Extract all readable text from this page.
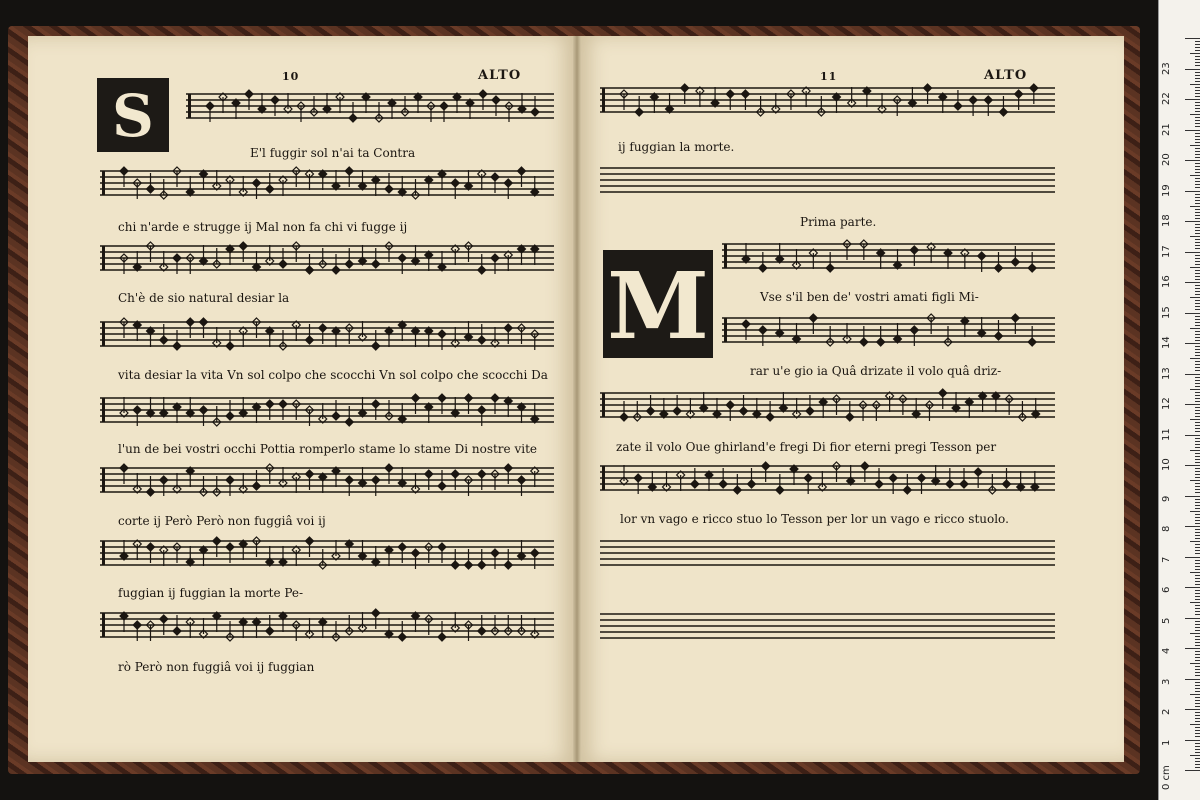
10	ALTO
S
11	ALTO
Prima parte.
M
0 cm
1
2
3
4
5
6
7
8
9
10
11
12
13
14
15
16
17
18
19
20
21
22
23
E'l fuggir sol n'ai ta Contra
chi n'arde e strugge ij Mal non fa chi vi fugge ij
Ch'è de sio natural desiar la
vita desiar la vita Vn sol colpo che scocchi Vn sol colpo che scocchi Da
l'un de bei vostri occhi Pottia romperlo stame lo stame Di nostre vite
corte ij Però Però non fuggiâ voi ij
fuggian ij fuggian la morte Pe-
rò Però non fuggiâ voi ij fuggian
ij fuggian la morte.
Vse s'il ben de' vostri amati figli Mi-
rar u'e gio ia Quâ drizate il volo quâ driz-
zate il volo Oue ghirland'e fregi Di fior eterni pregi Tesson per
lor vn vago e ricco stuo lo Tesson per lor un vago e ricco stuolo.
